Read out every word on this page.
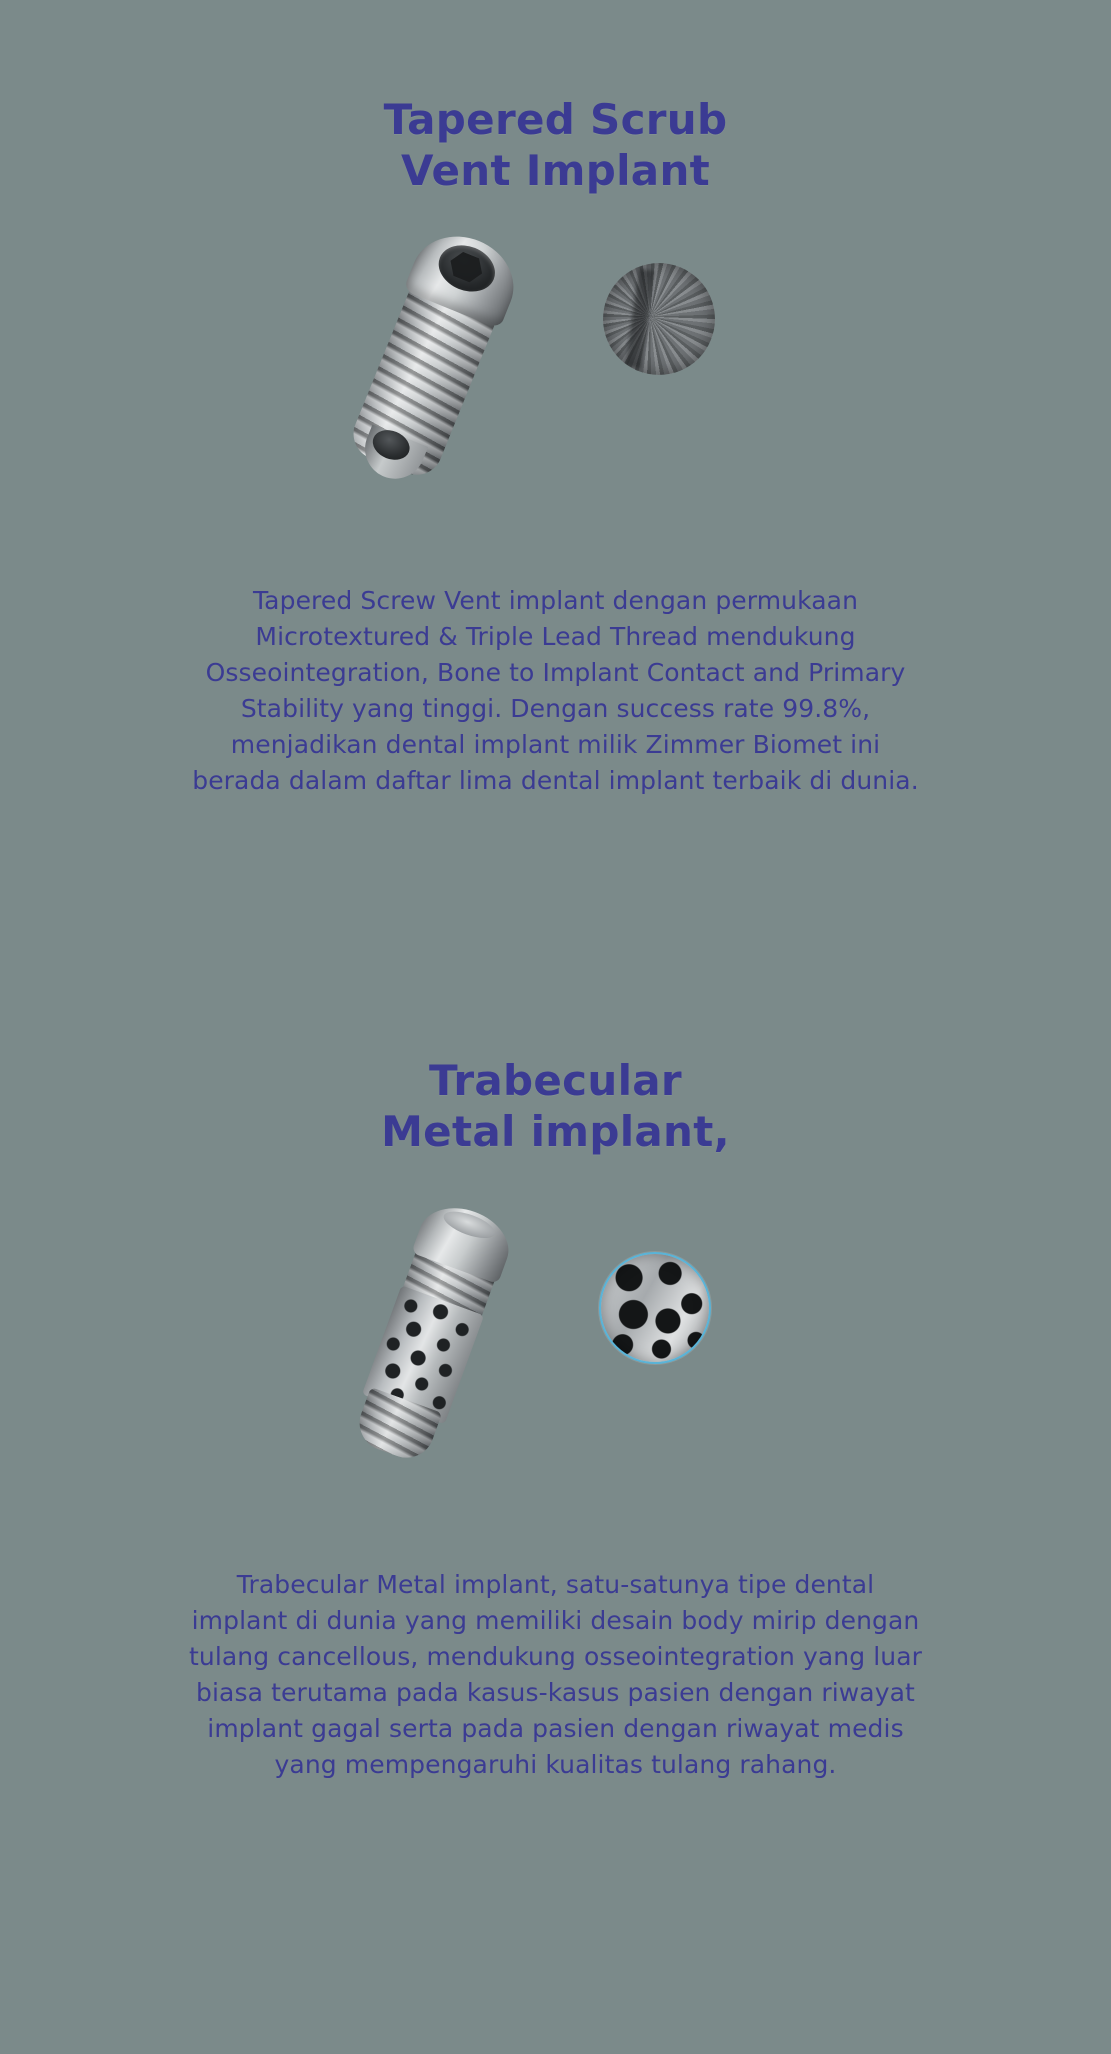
Tapered Scrub
Vent Implant

Tapered Screw Vent implant dengan permukaan Microtextured & Triple Lead Thread mendukung Osseointegration, Bone to Implant Contact and Primary Stability yang tinggi. Dengan success rate 99.8%, menjadikan dental implant milik Zimmer Biomet ini berada dalam daftar lima dental implant terbaik di dunia.

Trabecular
Metal implant,

Trabecular Metal implant, satu-satunya tipe dental implant di dunia yang memiliki desain body mirip dengan tulang cancellous, mendukung osseointegration yang luar biasa terutama pada kasus-kasus pasien dengan riwayat implant gagal serta pada pasien dengan riwayat medis yang mempengaruhi kualitas tulang rahang.
